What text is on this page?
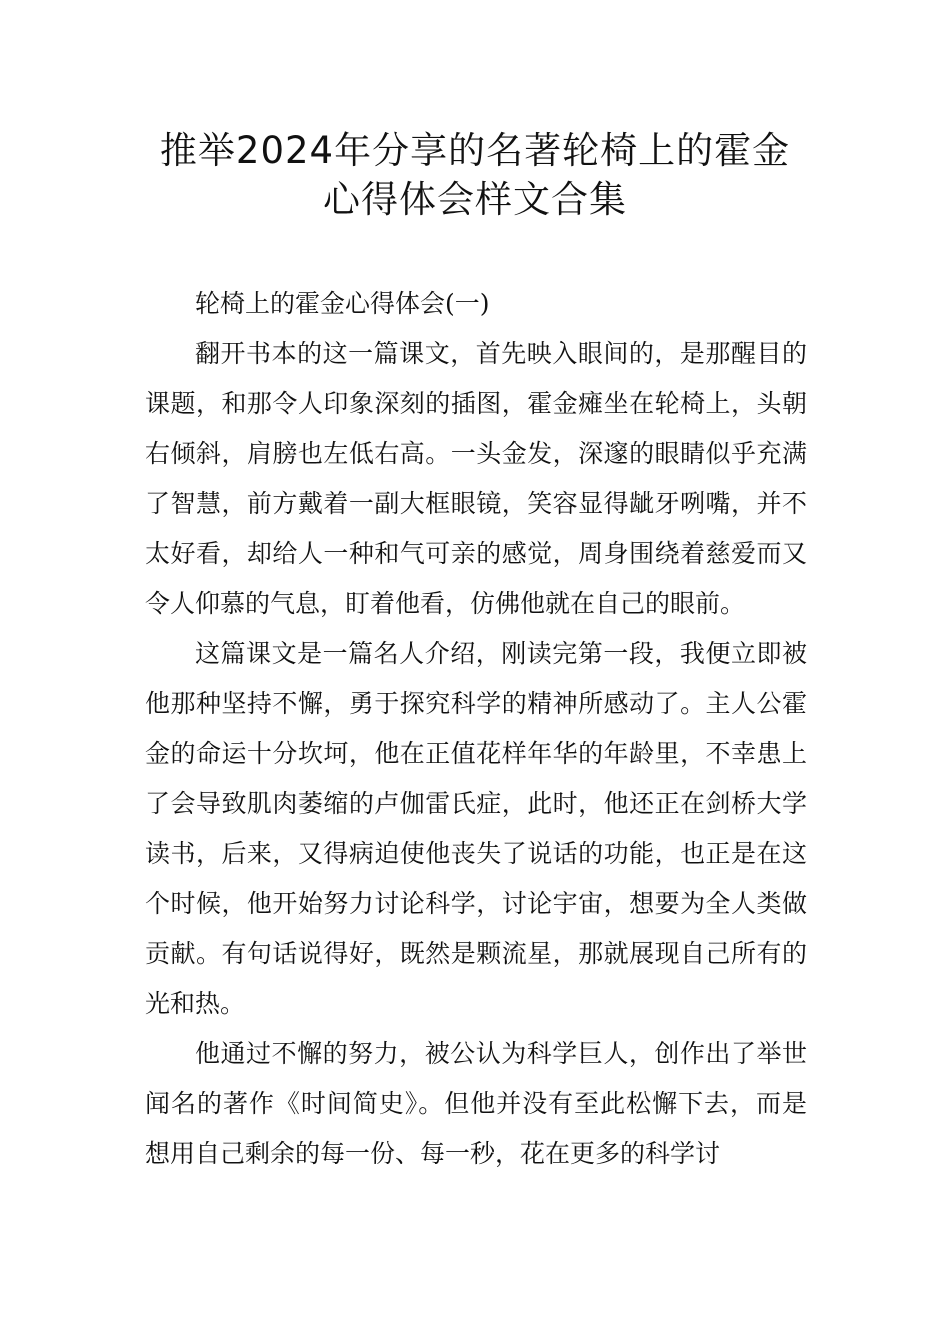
推举2024年分享的名著轮椅上的霍金
心得体会样文合集

轮椅上的霍金心得体会(一)

翻开书本的这一篇课文，首先映入眼间的，是那醒目的课题，和那令人印象深刻的插图，霍金瘫坐在轮椅上，头朝右倾斜，肩膀也左低右高。一头金发，深邃的眼睛似乎充满了智慧，前方戴着一副大框眼镜，笑容显得龇牙咧嘴，并不太好看，却给人一种和气可亲的感觉，周身围绕着慈爱而又令人仰慕的气息，盯着他看，仿佛他就在自己的眼前。

这篇课文是一篇名人介绍，刚读完第一段，我便立即被他那种坚持不懈，勇于探究科学的精神所感动了。主人公霍金的命运十分坎坷，他在正值花样年华的年龄里，不幸患上了会导致肌肉萎缩的卢伽雷氏症，此时，他还正在剑桥大学读书，后来，又得病迫使他丧失了说话的功能，也正是在这个时候，他开始努力讨论科学，讨论宇宙，想要为全人类做贡献。有句话说得好，既然是颗流星，那就展现自己所有的光和热。

他通过不懈的努力，被公认为科学巨人，创作出了举世闻名的著作《时间简史》。但他并没有至此松懈下去，而是想用自己剩余的每一份、每一秒，花在更多的科学讨
